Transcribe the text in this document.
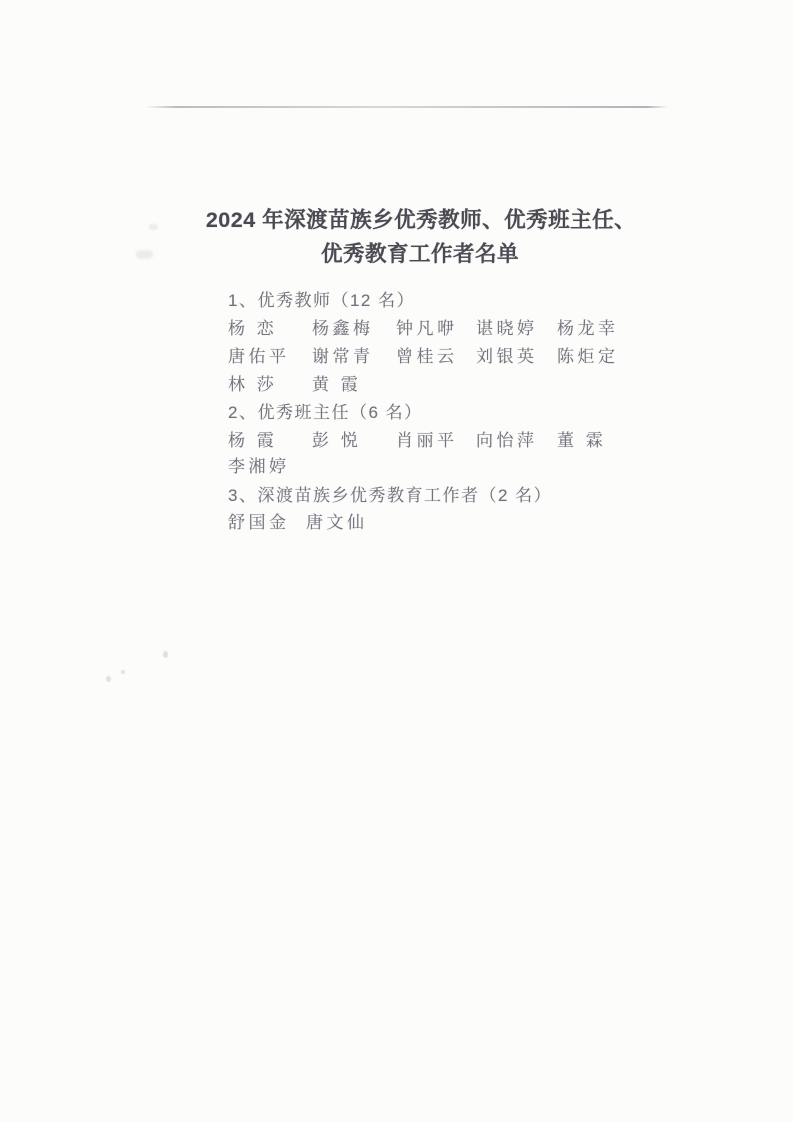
2024 年深渡苗族乡优秀教师、优秀班主任、
优秀教育工作者名单
1、优秀教师（12 名）
杨 恋 杨鑫梅 钟凡咿 谌晓婷 杨龙幸
唐佑平 谢常青 曾桂云 刘银英 陈炬定
林 莎 黄 霞
2、优秀班主任（6 名）
杨 霞 彭 悦 肖丽平 向怡萍 董 霖
李湘婷
3、深渡苗族乡优秀教育工作者（2 名）
舒国金 唐文仙
